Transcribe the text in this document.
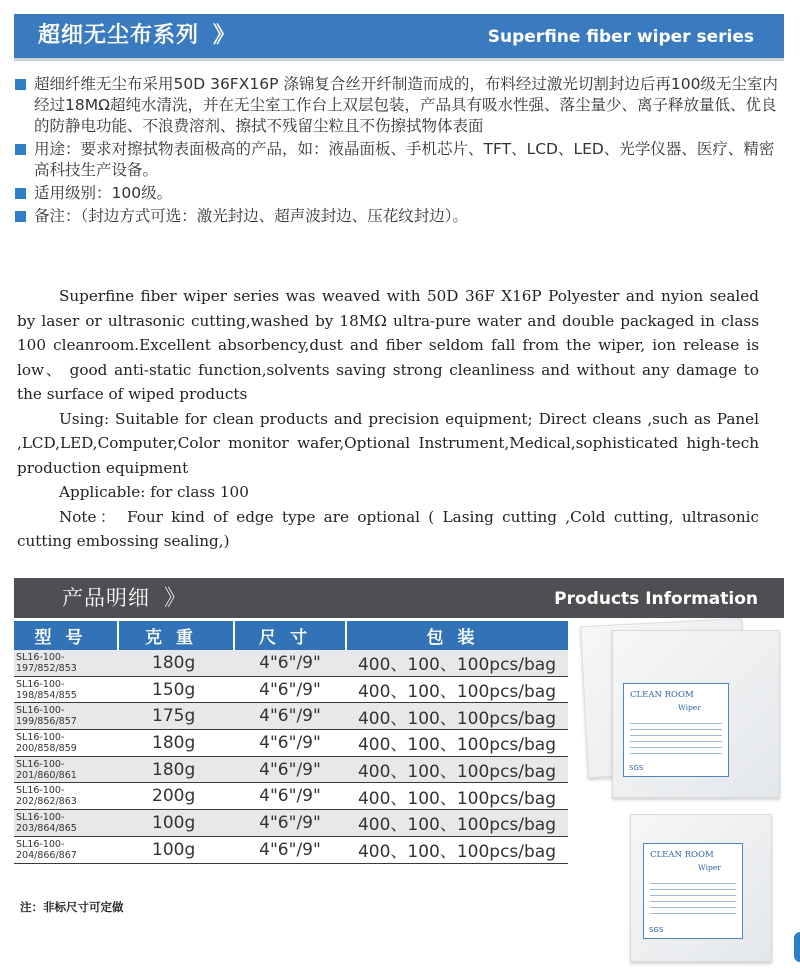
超细无尘布系列 》	Superfine fiber wiper series
超细纤维无尘布采用50D 36FX16P 涤锦复合丝开纤制造而成的，布料经过激光切割封边后再100级无尘室内经过18MΩ超纯水清洗，并在无尘室工作台上双层包装，产品具有吸水性强、落尘量少、离子释放量低、优良的防静电功能、不浪费溶剂、擦拭不残留尘粒且不伤擦拭物体表面
用途：要求对擦拭物表面极高的产品，如：液晶面板、手机芯片、TFT、LCD、LED、光学仪器、医疗、精密高科技生产设备。
适用级别：100级。
备注：（封边方式可选：激光封边、超声波封边、压花纹封边）。

Superfine fiber wiper series was weaved with 50D 36F X16P Polyester and nyion sealed by laser or ultrasonic cutting,washed by 18MΩ ultra-pure water and double packaged in class 100 cleanroom.Excellent absorbency,dust and fiber seldom fall from the wiper, ion release is low、 good anti-static function,solvents saving strong cleanliness and without any damage to the surface of wiped products

Using: Suitable for clean products and precision equipment; Direct cleans ,such as Panel ,LCD,LED,Computer,Color monitor wafer,Optional Instrument,Medical,sophisticated high-tech production equipment

Applicable: for class 100

Note： Four kind of edge type are optional ( Lasing cutting ,Cold cutting, ultrasonic cutting embossing sealing,)

产品明细 》	Products Information
型号	克重	尺寸	包装
SL16-100-197/852/853	180g	4"6"/9"	400、100、100pcs/bag
SL16-100-198/854/855	150g	4"6"/9"	400、100、100pcs/bag
SL16-100-199/856/857	175g	4"6"/9"	400、100、100pcs/bag
SL16-100-200/858/859	180g	4"6"/9"	400、100、100pcs/bag
SL16-100-201/860/861	180g	4"6"/9"	400、100、100pcs/bag
SL16-100-202/862/863	200g	4"6"/9"	400、100、100pcs/bag
SL16-100-203/864/865	100g	4"6"/9"	400、100、100pcs/bag
SL16-100-204/866/867	100g	4"6"/9"	400、100、100pcs/bag
注：非标尺寸可定做
CLEAN ROOM
Wiper
SGS
CLEAN ROOM
Wiper
SGS
